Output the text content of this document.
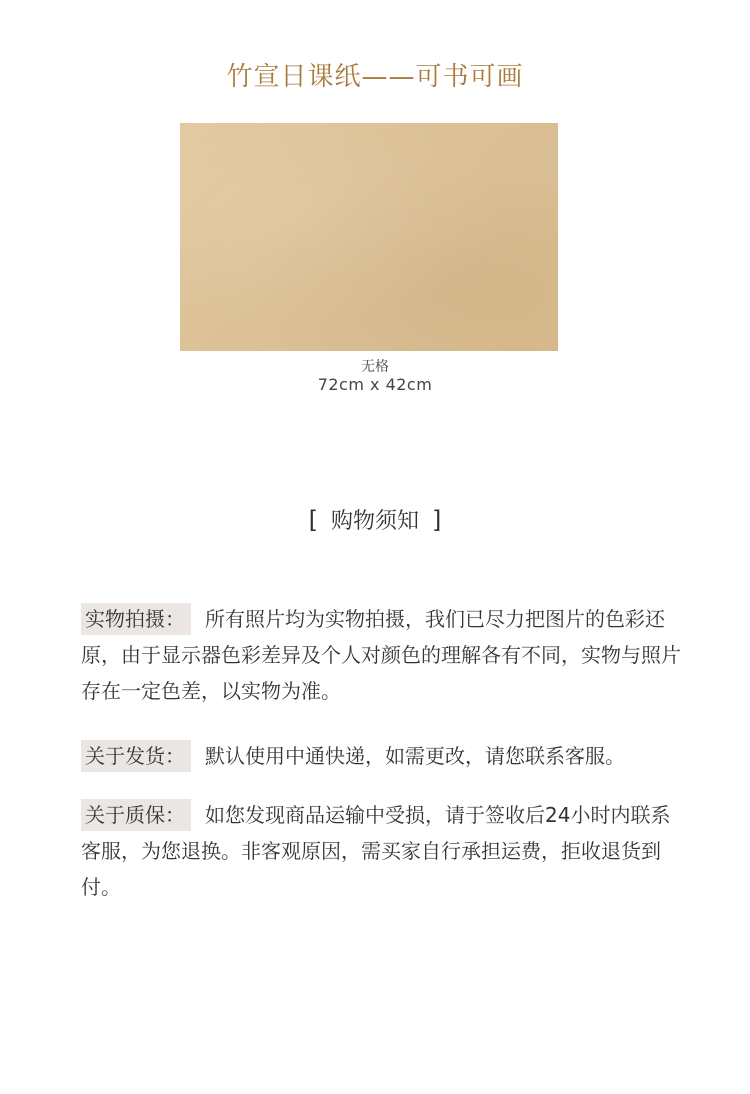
竹宣日课纸——可书可画
无格
72cm x 42cm
[ 购物须知 ]
实物拍摄： 所有照片均为实物拍摄，我们已尽力把图片的色彩还原，由于显示器色彩差异及个人对颜色的理解各有不同，实物与照片存在一定色差，以实物为准。
关于发货： 默认使用中通快递，如需更改，请您联系客服。
关于质保： 如您发现商品运输中受损，请于签收后24小时内联系客服，为您退换。非客观原因，需买家自行承担运费，拒收退货到付。
